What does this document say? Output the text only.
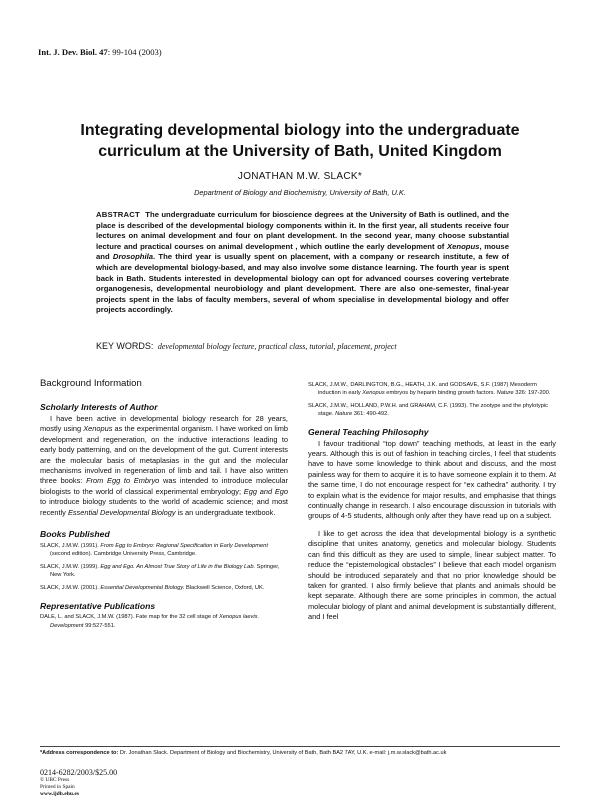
Int. J. Dev. Biol. 47: 99-104 (2003)
Integrating developmental biology into the undergraduate
curriculum at the University of Bath, United Kingdom
JONATHAN M.W. SLACK*
Department of Biology and Biochemistry, University of Bath, U.K.
ABSTRACT The undergraduate curriculum for bioscience degrees at the University of Bath is outlined, and the place is described of the developmental biology components within it. In the first year, all students receive four lectures on animal development and four on plant development. In the second year, many choose substantial lecture and practical courses on animal development , which outline the early development of Xenopus, mouse and Drosophila. The third year is usually spent on placement, with a company or research institute, a few of which are developmental biology-based, and may also involve some distance learning. The fourth year is spent back in Bath. Students interested in developmental biology can opt for advanced courses covering vertebrate organogenesis, developmental neurobiology and plant development. There are also one-semester, final-year projects spent in the labs of faculty members, several of whom specialise in developmental biology and offer projects accordingly.
KEY WORDS: developmental biology lecture, practical class, tutorial, placement, project
Background Information
Scholarly Interests of Author

I have been active in developmental biology research for 28 years, mostly using Xenopus as the experimental organism. I have worked on limb development and regeneration, on the inductive interactions leading to early body patterning, and on the development of the gut. Current interests are the molecular basis of metaplasias in the gut and the molecular mechanisms involved in regeneration of limb and tail. I have also written three books: From Egg to Embryo was intended to introduce molecular biologists to the world of classical experimental embryology; Egg and Ego to introduce biology students to the world of academic science; and most recently Essential Developmental Biology is an undergraduate textbook.

Books Published

SLACK, J.M.W. (1991). From Egg to Embryo: Regional Specification in Early Development (second edition). Cambridge University Press, Cambridge.

SLACK, J.M.W. (1999). Egg and Ego. An Almost True Story of Life in the Biology Lab. Springer, New York.

SLACK, J.M.W. (2001). Essential Developmental Biology. Blackwell Science, Oxford, UK.

Representative Publications

DALE, L. and SLACK, J.M.W. (1987). Fate map for the 32 cell stage of Xenopus laevis. Development 99:527-551.

SLACK, J.M.W., DARLINGTON, B.G., HEATH, J.K. and GODSAVE, S.F. (1987) Mesoderm induction in early Xenopus embryos by heparin binding growth factors. Nature 326: 197-200.

SLACK, J.M.W., HOLLAND, P.W.H. and GRAHAM, C.F. (1993). The zootype and the phylotypic stage. Nature 361: 490-492.

General Teaching Philosophy

I favour traditional “top down” teaching methods, at least in the early years. Although this is out of fashion in teaching circles, I feel that students have to have some knowledge to think about and discuss, and the most painless way for them to acquire it is to have someone explain it to them. At the same time, I do not encourage respect for “ex cathedra” authority. I try to explain what is the evidence for major results, and emphasise that things continually change in research. I also encourage discussion in tutorials with groups of 4-5 students, although only after they have read up on a subject.

I like to get across the idea that developmental biology is a synthetic discipline that unites anatomy, genetics and molecular biology. Students can find this difficult as they are used to simple, linear subject matter. To reduce the “epistemological obstacles” I believe that each model organism should be introduced separately and that no prior knowledge should be taken for granted. I also firmly believe that plants and animals should be kept separate. Although there are some principles in common, the actual molecular biology of plant and animal development is substantially different, and I feel

*Address correspondence to: Dr. Jonathan Slack. Department of Biology and Biochemistry, University of Bath, Bath BA2 7AY, U.K. e-mail: j.m.w.slack@bath.ac.uk
0214-6282/2003/$25.00
© UBC Press
Printed in Spain
www.ijdb.ehu.es
